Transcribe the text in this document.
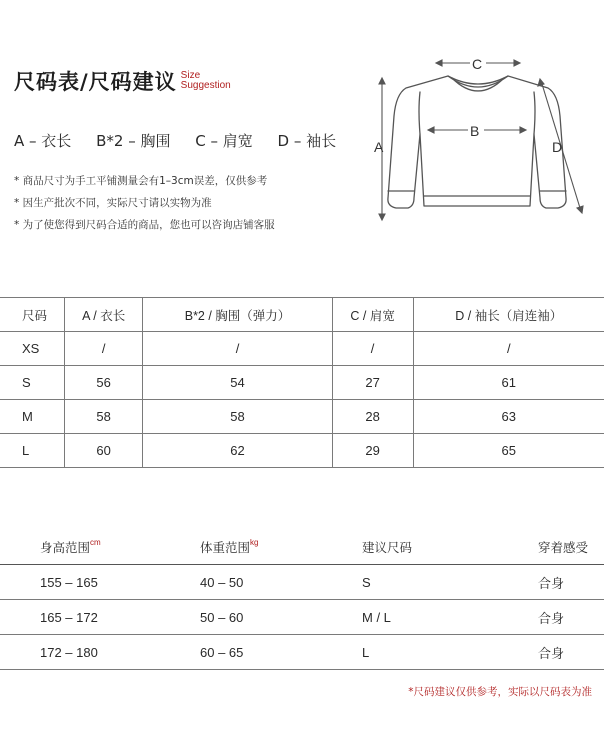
尺码表/尺码建议 Size
Suggestion
A – 衣长 B*2 – 胸围 C – 肩宽 D – 袖长
* 商品尺寸为手工平铺测量会有1–3cm误差，仅供参考
* 因生产批次不同，实际尺寸请以实物为准
* 为了使您得到尺码合适的商品，您也可以咨询店铺客服
C
B
A	D
尺码	A / 衣长	B*2 / 胸围（弹力）	C / 肩宽	D / 袖长（肩连袖）
XS	/	/	/	/
S	56	54	27	61
M	58	58	28	63
L	60	62	29	65
身高范围$^{cm}$	体重范围$^{kg}$	建议尺码	穿着感受
155 – 165	40 – 50	S	合身
165 – 172	50 – 60	M / L	合身
172 – 180	60 – 65	L	合身
*尺码建议仅供参考，实际以尺码表为准
